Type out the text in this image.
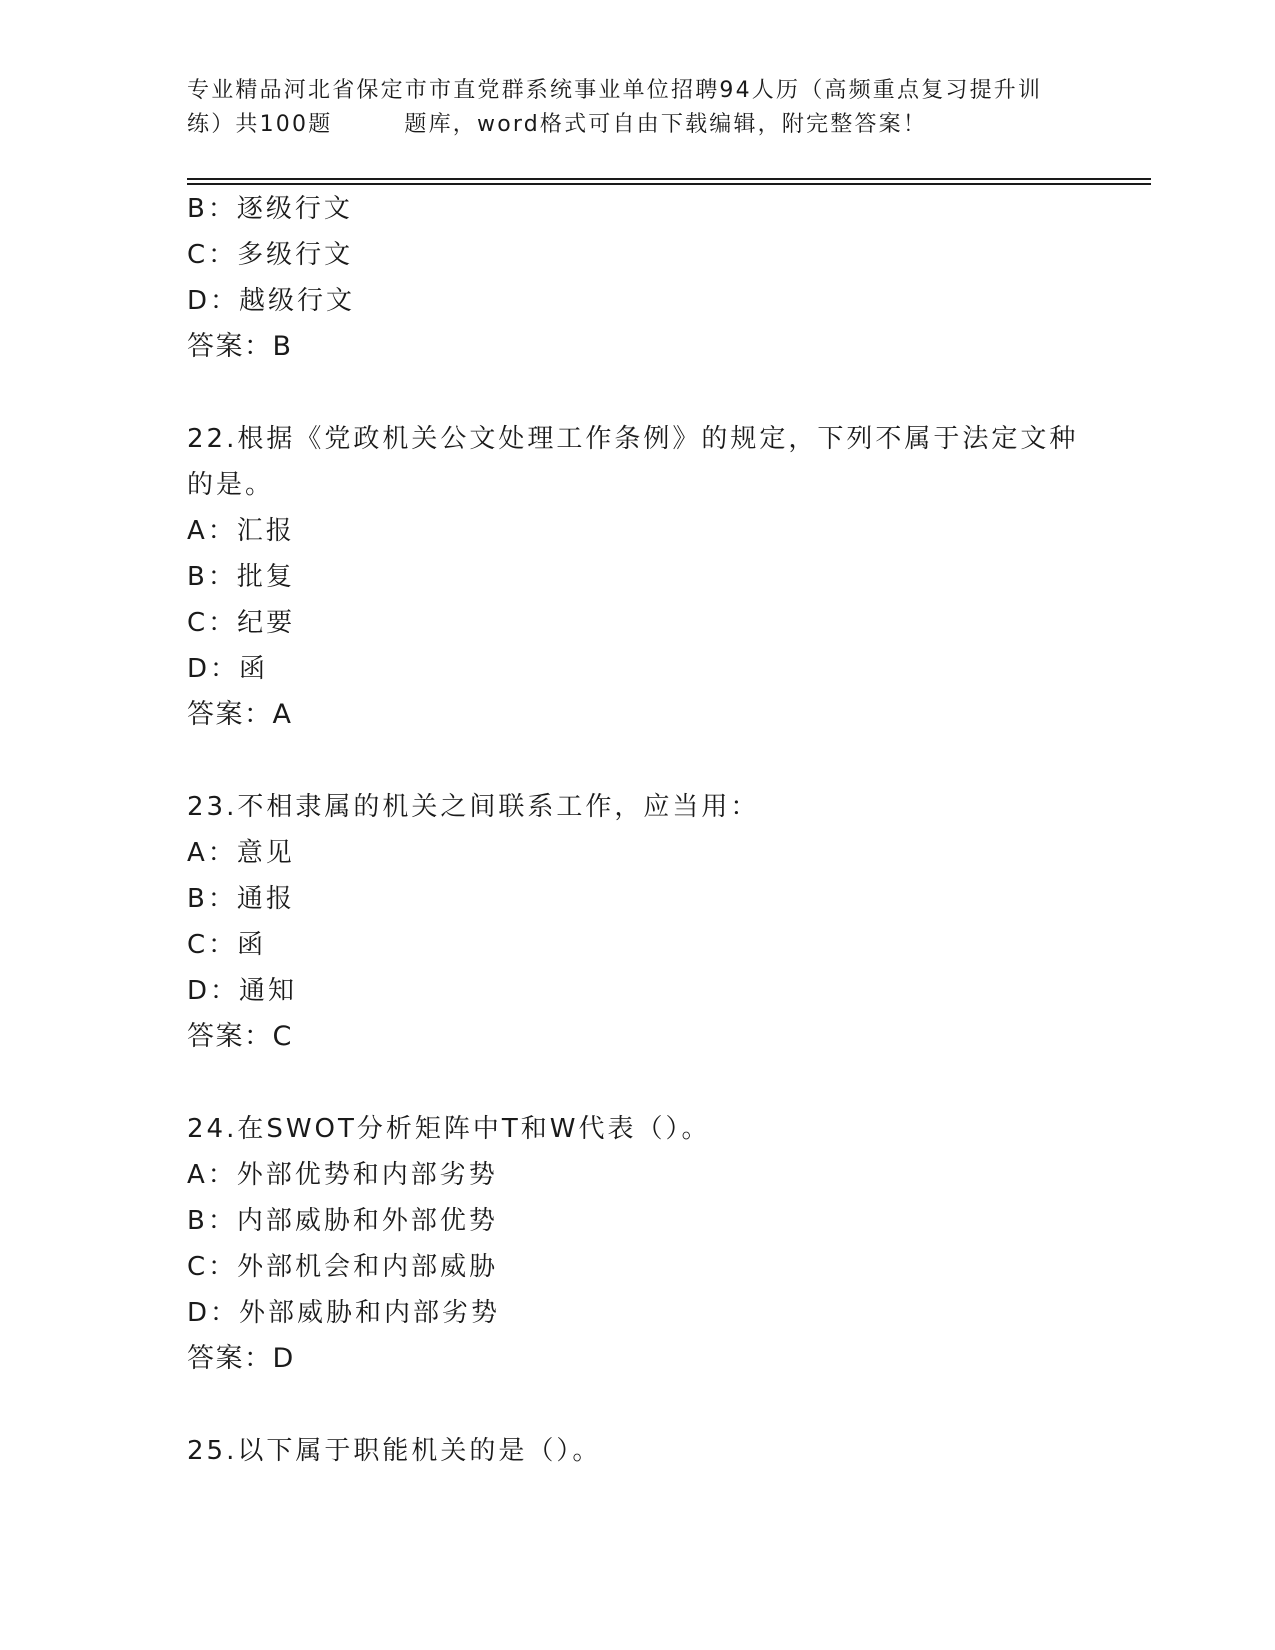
专业精品河北省保定市市直党群系统事业单位招聘94人历（高频重点复习提升训
练）共100题	题库，word格式可自由下载编辑，附完整答案！
B：逐级行文
C：多级行文
D：越级行文
答案：B
22.根据《党政机关公文处理工作条例》的规定，下列不属于法定文种
的是。
A：汇报
B：批复
C：纪要
D：函
答案：A
23.不相隶属的机关之间联系工作，应当用：
A：意见
B：通报
C：函
D：通知
答案：C
24.在SWOT分析矩阵中T和W代表（）。
A：外部优势和内部劣势
B：内部威胁和外部优势
C：外部机会和内部威胁
D：外部威胁和内部劣势
答案：D
25.以下属于职能机关的是（）。
